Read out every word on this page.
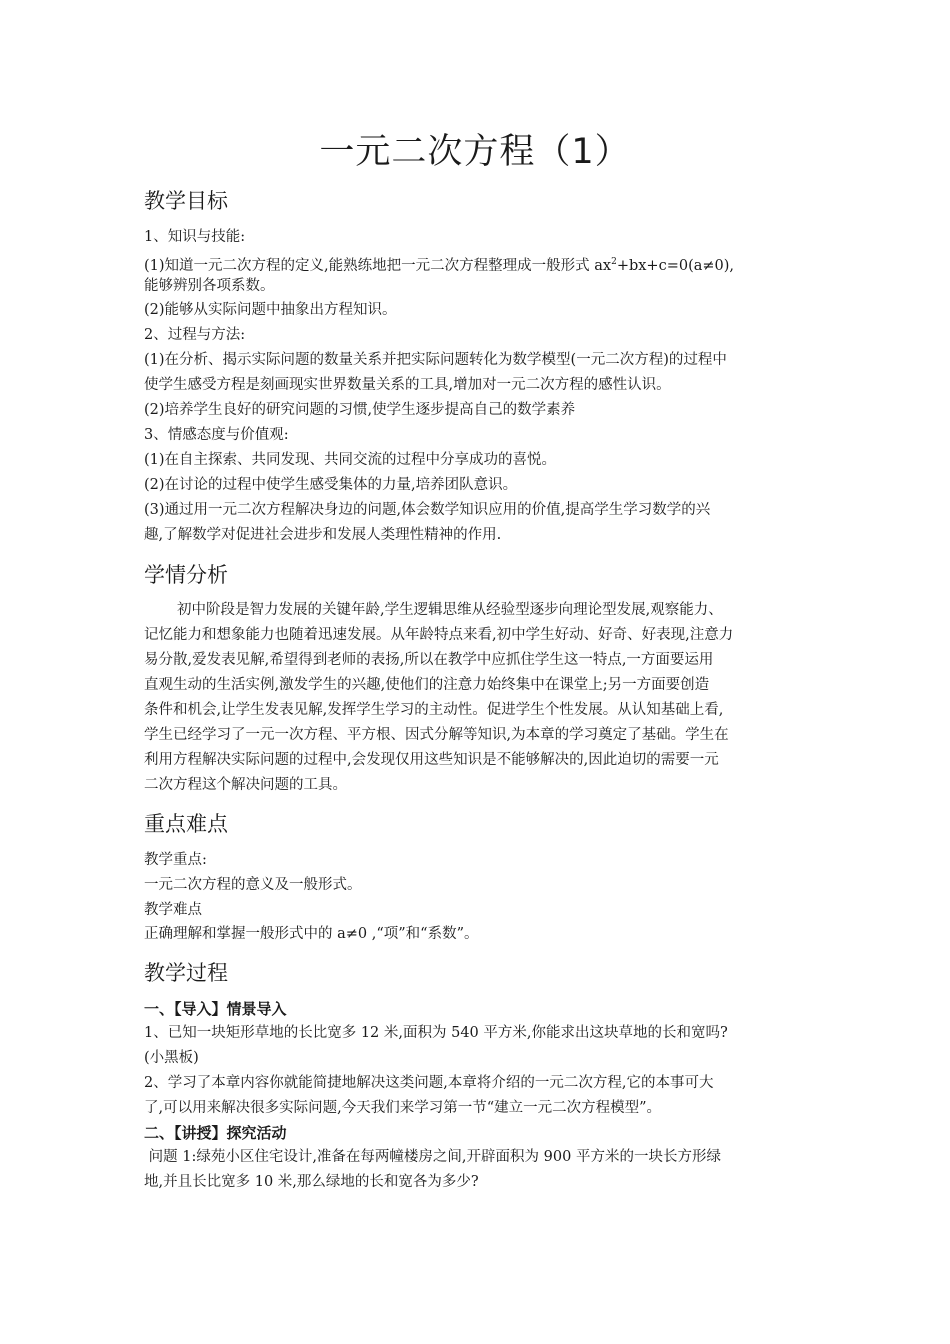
一元二次方程（1）
教学目标
1、知识与技能:
(1)知道一元二次方程的定义,能熟练地把一元二次方程整理成一般形式 $ax^2+bx+c=0(a\ne 0)$,
能够辨别各项系数。
(2)能够从实际问题中抽象出方程知识。
2、过程与方法:
(1)在分析、揭示实际问题的数量关系并把实际问题转化为数学模型(一元二次方程)的过程中
使学生感受方程是刻画现实世界数量关系的工具,增加对一元二次方程的感性认识。
(2)培养学生良好的研究问题的习惯,使学生逐步提高自己的数学素养
3、情感态度与价值观:
(1)在自主探索、共同发现、共同交流的过程中分享成功的喜悦。
(2)在讨论的过程中使学生感受集体的力量,培养团队意识。
(3)通过用一元二次方程解决身边的问题,体会数学知识应用的价值,提高学生学习数学的兴
趣,了解数学对促进社会进步和发展人类理性精神的作用.
学情分析
初中阶段是智力发展的关键年龄,学生逻辑思维从经验型逐步向理论型发展,观察能力、
记忆能力和想象能力也随着迅速发展。从年龄特点来看,初中学生好动、好奇、好表现,注意力
易分散,爱发表见解,希望得到老师的表扬,所以在教学中应抓住学生这一特点,一方面要运用
直观生动的生活实例,激发学生的兴趣,使他们的注意力始终集中在课堂上;另一方面要创造
条件和机会,让学生发表见解,发挥学生学习的主动性。促进学生个性发展。从认知基础上看,
学生已经学习了一元一次方程、平方根、因式分解等知识,为本章的学习奠定了基础。学生在
利用方程解决实际问题的过程中,会发现仅用这些知识是不能够解决的,因此迫切的需要一元
二次方程这个解决问题的工具。
重点难点
教学重点:
一元二次方程的意义及一般形式。
教学难点
正确理解和掌握一般形式中的 a≠0 ,“项”和“系数”。
教学过程
一、【导入】情景导入
1、已知一块矩形草地的长比宽多 12 米,面积为 540 平方米,你能求出这块草地的长和宽吗?
(小黑板)
2、学习了本章内容你就能简捷地解决这类问题,本章将介绍的一元二次方程,它的本事可大
了,可以用来解决很多实际问题,今天我们来学习第一节“建立一元二次方程模型”。
二、【讲授】探究活动
问题 1:绿苑小区住宅设计,准备在每两幢楼房之间,开辟面积为 900 平方米的一块长方形绿
地,并且长比宽多 10 米,那么绿地的长和宽各为多少?
